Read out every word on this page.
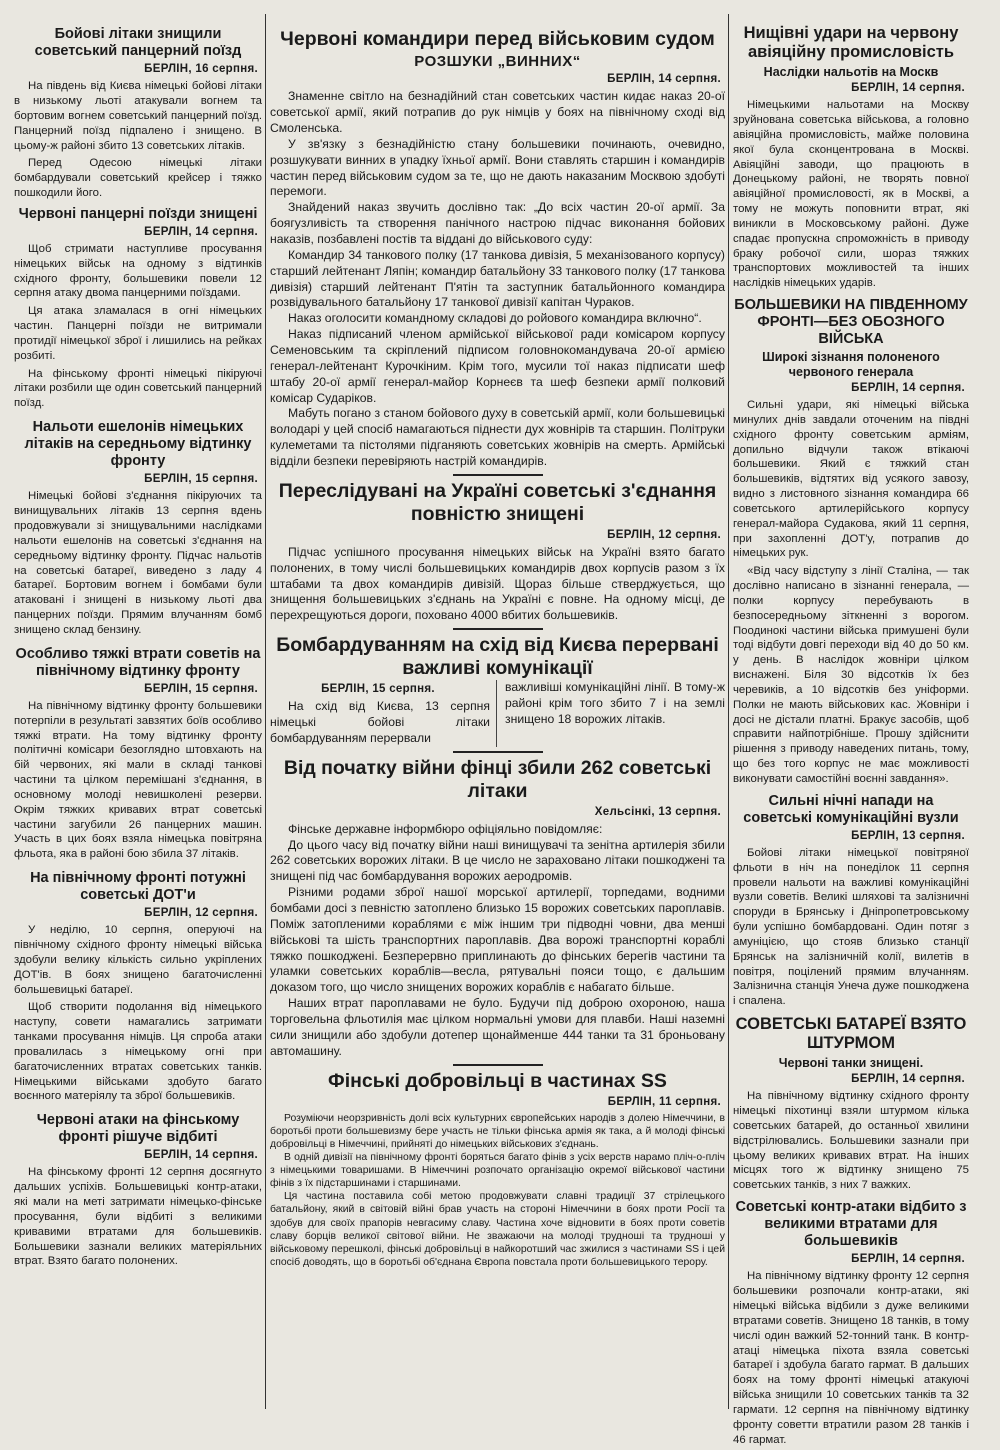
Бойові літаки знищили советський панцерний поїзд
БЕРЛІН, 16 серпня.

На південь від Києва німецькі бойові літаки в низькому льоті атакували вогнем та бортовим вогнем советський панцерний поїзд. Панцерний поїзд підпалено і знищено. В цьому-ж районі збито 13 советських літаків.

Перед Одесою німецькі літаки бомбардували советський крейсер і тяжко пошкодили його.

Червоні панцерні поїзди знищені
БЕРЛІН, 14 серпня.

Щоб стримати наступливе просування німецьких військ на одному з відтинків східного фронту, большевики повели 12 серпня атаку двома панцерними поїздами.

Ця атака зламалася в огні німецьких частин. Панцерні поїзди не витримали протидії німецької зброї і лишились на рейках розбиті.

На фінському фронті німецькі пікіруючі літаки розбили ще один советський панцерний поїзд.

Нальоти ешелонів німецьких літаків на середньому відтинку фронту
БЕРЛІН, 15 серпня.

Німецькі бойові з'єднання пікіруючих та винищувальних літаків 13 серпня вдень продовжували зі знищувальними наслідками нальоти ешелонів на советські з'єднання на середньому відтинку фронту. Підчас нальотів на советські батареї, виведено з ладу 4 батареї. Бортовим вогнем і бомбами були атаковані і знищені в низькому льоті два панцерних поїзди. Прямим влучанням бомб знищено склад бензину.

Особливо тяжкі втрати советів на північному відтинку фронту
БЕРЛІН, 15 серпня.

На північному відтинку фронту большевики потерпіли в результаті завзятих боїв особливо тяжкі втрати. На тому відтинку фронту політичні комісари безоглядно штовхають на бій червоних, які мали в складі танкові частини та цілком перемішані з'єднання, в основному молоді невишколені резерви. Окрім тяжких кривавих втрат советські частини загубили 26 панцерних машин. Участь в цих боях взяла німецька повітряна фльота, яка в районі бою збила 37 літаків.

На північному фронті потужні советські ДОТ'и
БЕРЛІН, 12 серпня.

У неділю, 10 серпня, оперуючі на північному східного фронту німецькі війська здобули велику кількість сильно укріплених ДОТ'ів. В боях знищено багаточисленні большевицькі батареї.

Щоб створити подолання від німецького наступу, совети намагались затримати танками просування німців. Ця спроба атаки провалилась з німецькому огні при багаточисленних втратах советських танків. Німецькими військами здобуто багато воєнного матеріялу та зброї большевиків.

Червоні атаки на фінському фронті рішуче відбиті
БЕРЛІН, 14 серпня.

На фінському фронті 12 серпня досягнуто дальших успіхів. Большевицькі контр-атаки, які мали на меті затримати німецько-фінське просування, були відбиті з великими кривавими втратами для большевиків. Большевики зазнали великих матеріяльних втрат. Взято багато полонених.

Червоні командири перед військовим судом
РОЗШУКИ „ВИННИХ“
БЕРЛІН, 14 серпня.

Знаменне світло на безнадійний стан советських частин кидає наказ 20-ої советської армії, який потрапив до рук німців у боях на північному сході від Смоленська.

У зв'язку з безнадійністю стану большевики починають, очевидно, розшукувати винних в упадку їхньої армії. Вони ставлять старшин і командирів частин перед військовим судом за те, що не дають наказаним Москвою здобуті перемоги.

Знайдений наказ звучить дослівно так: „До всіх частин 20-ої армії. За боягузливість та створення панічного настрою підчас виконання бойових наказів, позбавлені постів та віддані до військового суду:

Командир 34 танкового полку (17 танкова дивізія, 5 механізованого корпусу) старший лейтенант Ляпін; командир батальйону 33 танкового полку (17 танкова дивізія) старший лейтенант П'ятін та заступник батальйонного командира розвідувального батальйону 17 танкової дивізії капітан Чураков.

Наказ оголосити командному складові до ройового командира включно“.

Наказ підписаний членом армійської військової ради комісаром корпусу Семеновським та скріплений підписом головнокомандувача 20-ої армією генерал-лейтенант Курочкіним. Крім того, мусили тої наказ підписати шеф штабу 20-ої армії генерал-майор Корнеєв та шеф безпеки армії полковий комісар Сударіков.

Мабуть погано з станом бойового духу в советській армії, коли большевицькі володарі у цей спосіб намагаються піднести дух жовнірів та старшин. Політруки кулеметами та пістолями підганяють советських жовнірів на смерть. Армійські відділи безпеки перевіряють настрій командирів.

Переслідувані на Україні советські з'єднання повністю знищені
БЕРЛІН, 12 серпня.

Підчас успішного просування німецьких військ на Україні взято багато полонених, в тому числі большевицьких командирів двох корпусів разом з їх штабами та двох командирів дивізій. Щораз більше стверджується, що знищення большевицьких з'єднань на Україні є повне. На одному місці, де перехрещуються дороги, поховано 4000 вбитих большевиків.

Бомбардуванням на схід від Києва перервані важливі комунікації
БЕРЛІН, 15 серпня.

На схід від Києва, 13 серпня німецькі бойові літаки бомбардуванням перервали

важливіші комунікаційні лінії. В тому-ж районі крім того збито 7 і на землі знищено 18 ворожих літаків.

Від початку війни фінці збили 262 советські літаки
Хельсінкі, 13 серпня.

Фінське державне інформбюро офіціяльно повідомляє:

До цього часу від початку війни наші винищувачі та зенітна артилерія збили 262 советських ворожих літаки. В це число не зараховано літаки пошкоджені та знищені під час бомбардування ворожих аеродромів.

Різними родами зброї нашої морської артилерії, торпедами, водними бомбами досі з певністю затоплено близько 15 ворожих советських пароплавів. Поміж затопленими кораблями є між іншим три підводні човни, два менші військові та шість транспортних пароплавів. Два ворожі транспортні кораблі тяжко пошкоджені. Безперервно приплинають до фінських берегів частини та уламки советських кораблів—весла, рятувальні пояси тощо, є дальшим доказом того, що число знищених ворожих кораблів є набагато більше.

Наших втрат пароплавами не було. Будучи під доброю охороною, наша торговельна фльотилія має цілком нормальні умови для плавби. Наші наземні сили знищили або здобули дотепер щонайменше 444 танки та 31 броньовану автомашину.

Фінські добровільці в частинах SS
БЕРЛІН, 11 серпня.

Розуміючи неорзривність долі всіх культурних європейських народів з долею Німеччини, в боротьбі проти большевизму бере участь не тільки фінська армія як така, а й молоді фінські добровільці в Німеччині, прийняті до німецьких військових з'єднань.

В одній дивізії на північному фронті боряться багато фінів з усіх верств нарамо пліч-о-пліч з німецькими товаришами. В Німеччині розпочато організацію окремої військової частини фінів з їх підстаршинами і старшинами.

Ця частина поставила собі метою продовжувати славні традиції 37 стрілецького батальйону, який в світовій війні брав участь на стороні Німеччини в боях проти Росії та здобув для своїх прапорів невгасиму славу. Частина хоче відновити в боях проти советів славу борців великої світової війни. Не зважаючи на молоді трудноші та трудноші у військовому перешколі, фінські добровільці в найкоротший час зжилися з частинами SS і цей спосіб доводять, що в боротьбі об'єднана Європа повстала проти большевицького терору.

Нищівні удари на червону авіяційну промисловість
Наслідки нальотів на Москв
БЕРЛІН, 14 серпня.

Німецькими нальотами на Москву зруйнована советська військова, а головно авіяційна промисловість, майже половина якої була сконцентрована в Москві. Авіяційні заводи, що працюють в Донецькому районі, не творять повної авіяційної промисловості, як в Москві, а тому не можуть поповнити втрат, які виникли в Московському районі. Дуже спадає пропускна спроможність в приводу браку робочої сили, шораз тяжких транспортових можливостей та інших наслідків німецьких ударів.

БОЛЬШЕВИКИ НА ПІВДЕННОМУ ФРОНТІ—БЕЗ ОБОЗНОГО ВІЙСЬКА
Широкі зізнання полоненого червоного генерала
БЕРЛІН, 14 серпня.

Сильні удари, які німецькі війська минулих днів завдали оточеним на півдні східного фронту советським арміям, допильно відчули також втікаючі большевики. Який є тяжкий стан большевиків, відтятих від усякого завозу, видно з листовного зізнання командира 66 советського артилерійського корпусу генерал-майора Судакова, який 11 серпня, при захопленні ДОТ'у, потрапив до німецьких рук.

«Від часу відступу з лінії Сталіна, — так дослівно написано в зізнанні генерала, — полки корпусу перебувають в безпосередньому зіткненні з ворогом. Поодинокі частини війська примушені були тоді відбути довгі переходи від 40 до 50 км. у день. В наслідок жовніри цілком виснажені. Біля 30 відсотків їх без черевиків, а 10 відсотків без уніформи. Полки не мають військових кас. Жовніри і досі не дістали платні. Бракує засобів, щоб справити найпотрібніше. Прошу здійснити рішення з приводу наведених питань, тому, що без того корпус не має можливості виконувати самостійні воєнні завдання».

Сильні нічні напади на советські комунікаційні вузли
БЕРЛІН, 13 серпня.

Бойові літаки німецької повітряної фльоти в ніч на понеділок 11 серпня провели нальоти на важливі комунікаційні вузли советів. Великі шляхові та залізничні споруди в Брянську і Дніпропетровському були успішно бомбардовані. Один потяг з амуніцією, що стояв близько станції Брянськ на залізничній колії, вилетів в повітря, поцілений прямим влучанням. Залізнична станція Унеча дуже пошкоджена і спалена.

СОВЕТСЬКІ БАТАРЕЇ ВЗЯТО ШТУРМОМ
Червоні танки знищені.
БЕРЛІН, 14 серпня.

На північному відтинку східного фронту німецькі піхотинці взяли штурмом кілька советських батарей, до останньої хвилини відстрілювались. Большевики зазнали при цьому великих кривавих втрат. На інших місцях того ж відтинку знищено 75 советських танків, з них 7 важких.

Советські контр-атаки відбито з великими втратами для большевиків
БЕРЛІН, 14 серпня.

На північному відтинку фронту 12 серпня большевики розпочали контр-атаки, які німецькі війська відбили з дуже великими втратами советів. Знищено 18 танків, в тому числі один важкий 52-тонний танк. В контр-атаці німецька піхота взяла советські батареї і здобула багато гармат. В дальших боях на тому фронті німецькі атакуючі війська знищили 10 советських танків та 32 гармати. 12 серпня на північному відтинку фронту советти втратили разом 28 танків і 46 гармат.
